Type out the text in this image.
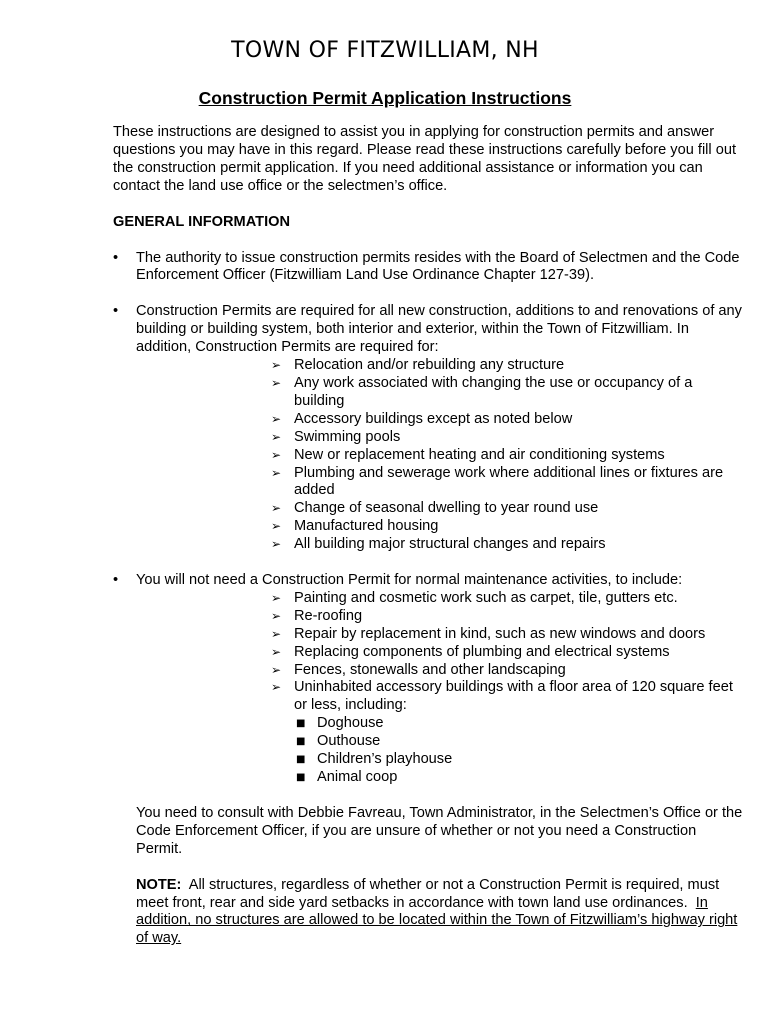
TOWN OF FITZWILLIAM, NH
Construction Permit Application Instructions

These instructions are designed to assist you in applying for construction permits and answer questions you may have in this regard. Please read these instructions carefully before you fill out the construction permit application. If you need additional assistance or information you can contact the land use office or the selectmen’s office.

GENERAL INFORMATION

• The authority to issue construction permits resides with the Board of Selectmen and the Code Enforcement Officer (Fitzwilliam Land Use Ordinance Chapter 127-39).
• Construction Permits are required for all new construction, additions to and renovations of any building or building system, both interior and exterior, within the Town of Fitzwilliam. In addition, Construction Permits are required for:
➢ Relocation and/or rebuilding any structure
➢ Any work associated with changing the use or occupancy of a building
➢ Accessory buildings except as noted below
➢ Swimming pools
➢ New or replacement heating and air conditioning systems
➢ Plumbing and sewerage work where additional lines or fixtures are added
➢ Change of seasonal dwelling to year round use
➢ Manufactured housing
➢ All building major structural changes and repairs
• You will not need a Construction Permit for normal maintenance activities, to include:
➢ Painting and cosmetic work such as carpet, tile, gutters etc.
➢ Re-roofing
➢ Repair by replacement in kind, such as new windows and doors
➢ Replacing components of plumbing and electrical systems
➢ Fences, stonewalls and other landscaping
➢ Uninhabited accessory buildings with a floor area of 120 square feet or less, including:
■ Doghouse
■ Outhouse
■ Children’s playhouse
■ Animal coop

You need to consult with Debbie Favreau, Town Administrator, in the Selectmen’s Office or the Code Enforcement Officer, if you are unsure of whether or not you need a Construction Permit.

NOTE:  All structures, regardless of whether or not a Construction Permit is required, must meet front, rear and side yard setbacks in accordance with town land use ordinances.  In addition, no structures are allowed to be located within the Town of Fitzwilliam’s highway right of way.
